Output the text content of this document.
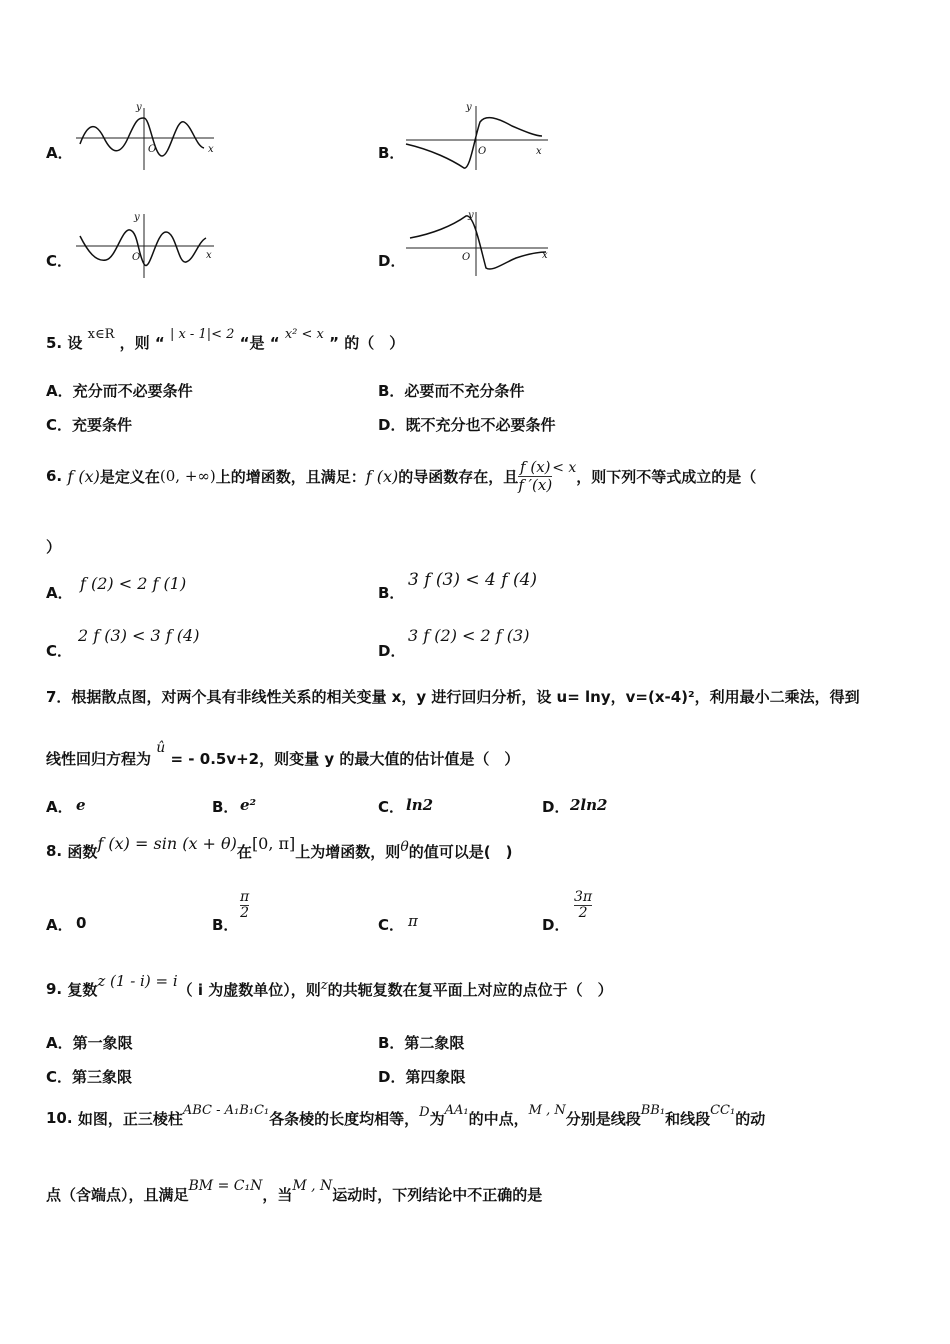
A．
y
O	x	B．
y
O	x
C．
y
O	x	D．
y
O	x
5. 设 x∈R ，则 “ | x - 1|< 2 “是 “ x² < x ” 的（　）
A．充分而不必要条件	B．必要而不充分条件
C．充要条件	D．既不充分也不必要条件
6.
f (x) 是定义在 (0, +∞) 上的增函数，且满足： f (x) 的导函数存在，且 $\frac{f (x)}{f '(x)} < x$ ，则下列不等式成立的是（
）
A． f (2) < 2 f (1)	B．
3 f (3) < 4 f (4)
C．
2 f (3) < 3 f (4)
D．
3 f (2) < 2 f (3)
7．根据散点图，对两个具有非线性关系的相关变量 x，y 进行回归分析，设 u= lny，v=(x-4)²，利用最小二乘法，得到
线性回归方程为 û = - 0.5v+2，则变量 y 的最大值的估计值是（　）
A． e	B． e²	C． ln2	D． 2ln2
8.
函数 f (x) = sin (x + θ) 在 [0, π] 上为增函数，则 θ 的值可以是(　)
A． 0	B．
π
2
C． π	D．
3π
2
9.
复数 z (1 - i) = i （ i 为虚数单位），则 z 的共轭复数在复平面上对应的点位于（　）
A．第一象限	B．第二象限
C．第三象限	D．第四象限
10.
如图，正三棱柱 ABC - A₁B₁C₁ 各条棱的长度均相等， D 为 AA₁ 的中点， M , N 分别是线段 BB₁ 和线段 CC₁ 的动
点（含端点），且满足 BM = C₁N ，当 M , N 运动时，下列结论中不正确的是
